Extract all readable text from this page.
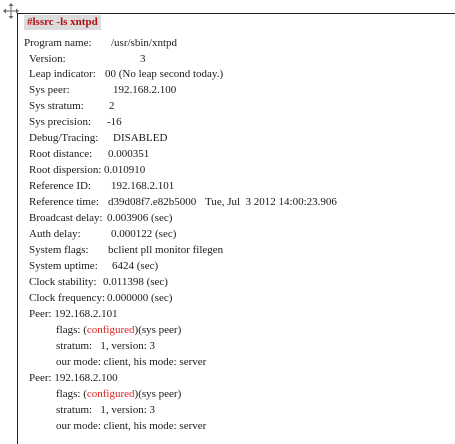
#lssrc -ls xntpd
Program name: /usr/sbin/xntpd
Version:	3
Leap indicator: 00 (No leap second today.)
Sys peer:	192.168.2.100
Sys stratum: 2
Sys precision: -16
Debug/Tracing: DISABLED
Root distance: 0.000351
Root dispersion: 0.010910
Reference ID: 192.168.2.101
Reference time: d39d08f7.e82b5000 Tue, Jul  3 2012 14:00:23.906
Broadcast delay: 0.003906 (sec)
Auth delay:	0.000122 (sec)
System flags: bclient pll monitor filegen
System uptime: 6424 (sec)
Clock stability: 0.011398 (sec)
Clock frequency: 0.000000 (sec)
Peer: 192.168.2.101
flags: (configured)(sys peer)
stratum: 1, version: 3
our mode: client, his mode: server
Peer: 192.168.2.100
flags: (configured)(sys peer)
stratum: 1, version: 3
our mode: client, his mode: server
